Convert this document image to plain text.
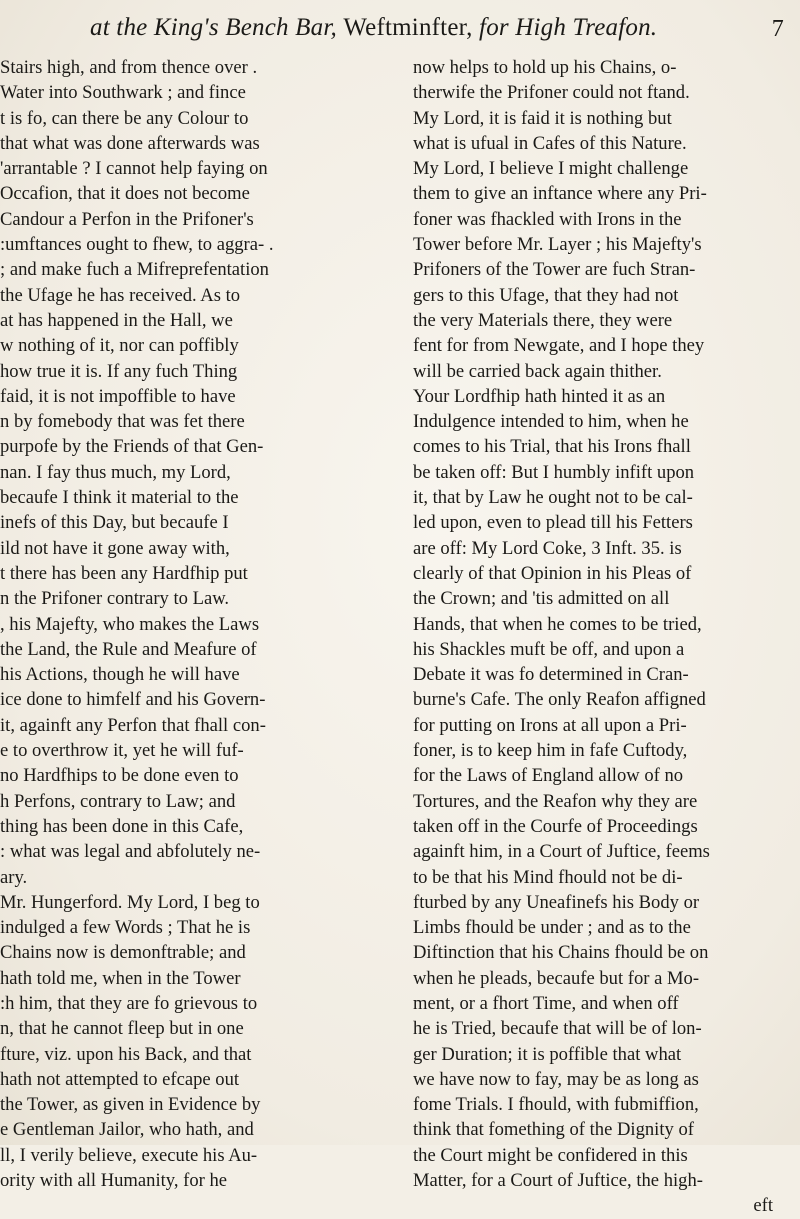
at the King's Bench Bar, Weftminfter, for High Treafon.	7
Stairs high, and from thence over .
Water into Southwark ; and fince
t is fo, can there be any Colour to
that what was done afterwards was
'arrantable ? I cannot help faying on
Occafion, that it does not become
Candour a Perfon in the Prifoner's
:umftances ought to fhew, to aggra- .
; and make fuch a Mifreprefentation
the Ufage he has received. As to
at has happened in the Hall, we
w nothing of it, nor can poffibly
how true it is. If any fuch Thing
faid, it is not impoffible to have
n by fomebody that was fet there
purpofe by the Friends of that Gen-
nan. I fay thus much, my Lord,
becaufe I think it material to the
inefs of this Day, but becaufe I
ild not have it gone away with,
t there has been any Hardfhip put
n the Prifoner contrary to Law.
, his Majefty, who makes the Laws
the Land, the Rule and Meafure of
his Actions, though he will have
ice done to himfelf and his Govern-
it, againft any Perfon that fhall con-
e to overthrow it, yet he will fuf-
no Hardfhips to be done even to
h Perfons, contrary to Law; and
thing has been done in this Cafe,
: what was legal and abfolutely ne-
ary.
Mr. Hungerford. My Lord, I beg to
indulged a few Words ; That he is
Chains now is demonftrable; and
hath told me, when in the Tower
:h him, that they are fo grievous to
n, that he cannot fleep but in one
fture, viz. upon his Back, and that
hath not attempted to efcape out
the Tower, as given in Evidence by
e Gentleman Jailor, who hath, and
ll, I verily believe, execute his Au-
ority with all Humanity, for he
now helps to hold up his Chains, o-
therwife the Prifoner could not ftand.
My Lord, it is faid it is nothing but
what is ufual in Cafes of this Nature.
My Lord, I believe I might challenge
them to give an inftance where any Pri-
foner was fhackled with Irons in the
Tower before Mr. Layer ; his Majefty's
Prifoners of the Tower are fuch Stran-
gers to this Ufage, that they had not
the very Materials there, they were
fent for from Newgate, and I hope they
will be carried back again thither.
Your Lordfhip hath hinted it as an
Indulgence intended to him, when he
comes to his Trial, that his Irons fhall
be taken off: But I humbly infift upon
it, that by Law he ought not to be cal-
led upon, even to plead till his Fetters
are off: My Lord Coke, 3 Inft. 35. is
clearly of that Opinion in his Pleas of
the Crown; and 'tis admitted on all
Hands, that when he comes to be tried,
his Shackles muft be off, and upon a
Debate it was fo determined in Cran-
burne's Cafe. The only Reafon affigned
for putting on Irons at all upon a Pri-
foner, is to keep him in fafe Cuftody,
for the Laws of England allow of no
Tortures, and the Reafon why they are
taken off in the Courfe of Proceedings
againft him, in a Court of Juftice, feems
to be that his Mind fhould not be di-
fturbed by any Uneafinefs his Body or
Limbs fhould be under ; and as to the
Diftinction that his Chains fhould be on
when he pleads, becaufe but for a Mo-
ment, or a fhort Time, and when off
he is Tried, becaufe that will be of lon-
ger Duration; it is poffible that what
we have now to fay, may be as long as
fome Trials. I fhould, with fubmiffion,
think that fomething of the Dignity of
the Court might be confidered in this
Matter, for a Court of Juftice, the high-
eft
